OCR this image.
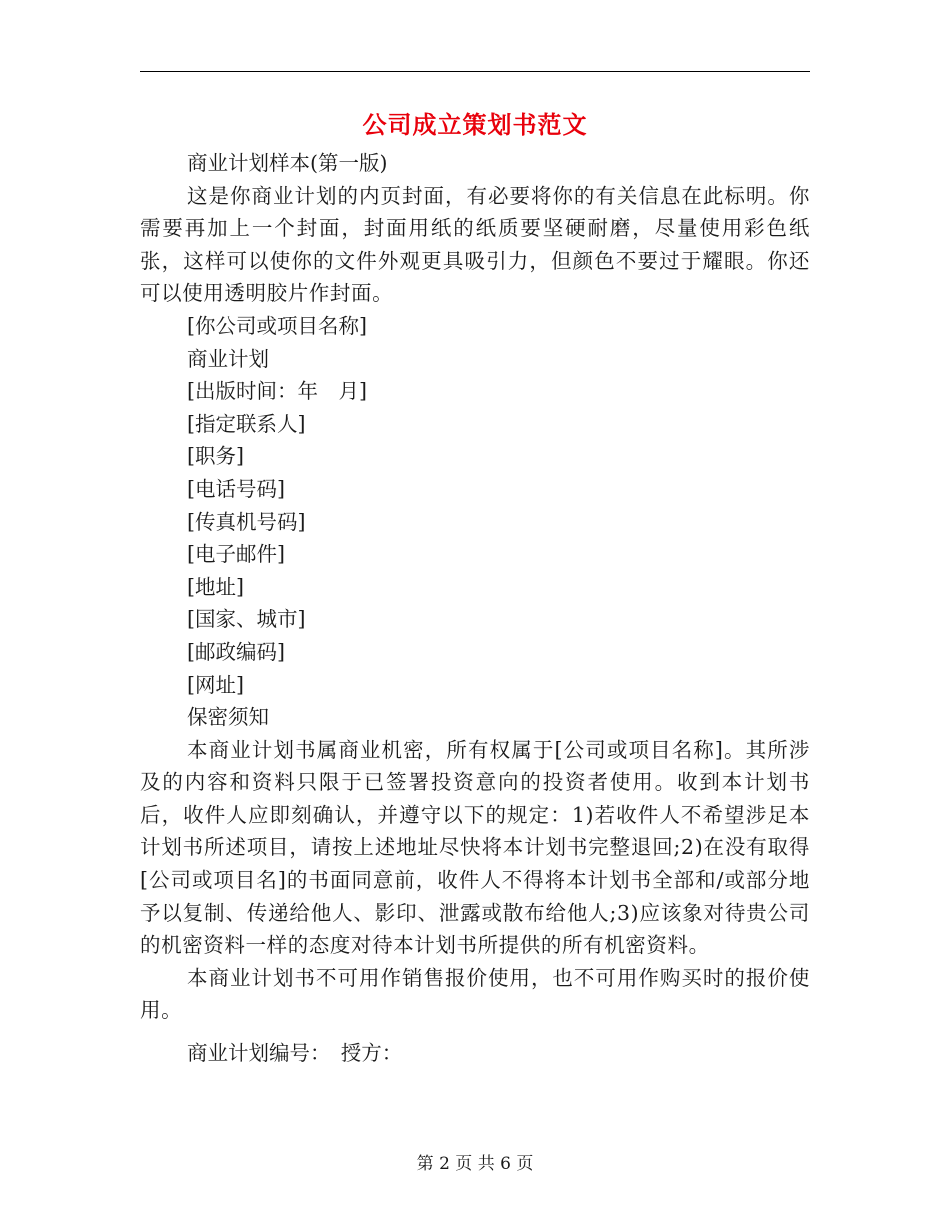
公司成立策划书范文

商业计划样本(第一版)

这是你商业计划的内页封面，有必要将你的有关信息在此标明。你需要再加上一个封面，封面用纸的纸质要坚硬耐磨，尽量使用彩色纸张，这样可以使你的文件外观更具吸引力，但颜色不要过于耀眼。你还可以使用透明胶片作封面。

[你公司或项目名称]

商业计划

[出版时间：年　月]

[指定联系人]

[职务]

[电话号码]

[传真机号码]

[电子邮件]

[地址]

[国家、城市]

[邮政编码]

[网址]

保密须知

本商业计划书属商业机密，所有权属于[公司或项目名称]。其所涉及的内容和资料只限于已签署投资意向的投资者使用。收到本计划书后，收件人应即刻确认，并遵守以下的规定：1)若收件人不希望涉足本计划书所述项目，请按上述地址尽快将本计划书完整退回;2)在没有取得[公司或项目名]的书面同意前，收件人不得将本计划书全部和/或部分地予以复制、传递给他人、影印、泄露或散布给他人;3)应该象对待贵公司的机密资料一样的态度对待本计划书所提供的所有机密资料。

本商业计划书不可用作销售报价使用，也不可用作购买时的报价使用。

商业计划编号：　授方：

第 2 页 共 6 页
